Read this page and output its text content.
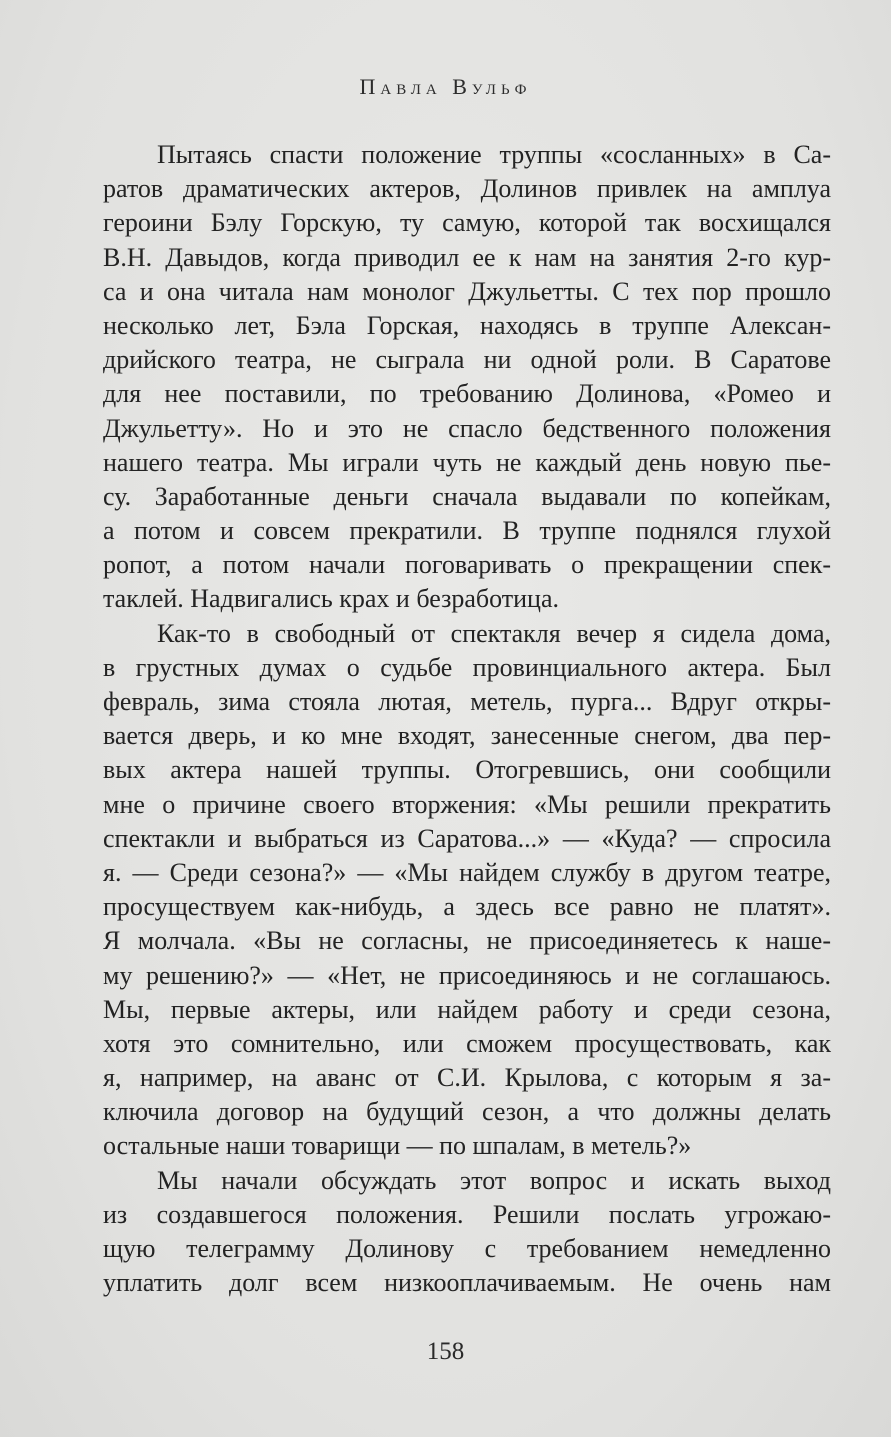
Павла Вульф
Пытаясь спасти положение труппы «сосланных» в Са-
ратов драматических актеров, Долинов привлек на амплуа
героини Бэлу Горскую, ту самую, которой так восхищался
В.Н. Давыдов, когда приводил ее к нам на занятия 2-го кур-
са и она читала нам монолог Джульетты. С тех пор прошло
несколько лет, Бэла Горская, находясь в труппе Алексан-
дрийского театра, не сыграла ни одной роли. В Саратове
для нее поставили, по требованию Долинова, «Ромео и
Джульетту». Но и это не спасло бедственного положения
нашего театра. Мы играли чуть не каждый день новую пье-
су. Заработанные деньги сначала выдавали по копейкам,
а потом и совсем прекратили. В труппе поднялся глухой
ропот, а потом начали поговаривать о прекращении спек-
таклей. Надвигались крах и безработица.
Как-то в свободный от спектакля вечер я сидела дома,
в грустных думах о судьбе провинциального актера. Был
февраль, зима стояла лютая, метель, пурга... Вдруг откры-
вается дверь, и ко мне входят, занесенные снегом, два пер-
вых актера нашей труппы. Отогревшись, они сообщили
мне о причине своего вторжения: «Мы решили прекратить
спектакли и выбраться из Саратова...» — «Куда? — спросила
я. — Среди сезона?» — «Мы найдем службу в другом театре,
просуществуем как-нибудь, а здесь все равно не платят».
Я молчала. «Вы не согласны, не присоединяетесь к наше-
му решению?» — «Нет, не присоединяюсь и не соглашаюсь.
Мы, первые актеры, или найдем работу и среди сезона,
хотя это сомнительно, или сможем просуществовать, как
я, например, на аванс от С.И. Крылова, с которым я за-
ключила договор на будущий сезон, а что должны делать
остальные наши товарищи — по шпалам, в метель?»
Мы начали обсуждать этот вопрос и искать выход
из создавшегося положения. Решили послать угрожаю-
щую телеграмму Долинову с требованием немедленно
уплатить долг всем низкооплачиваемым. Не очень нам
158
